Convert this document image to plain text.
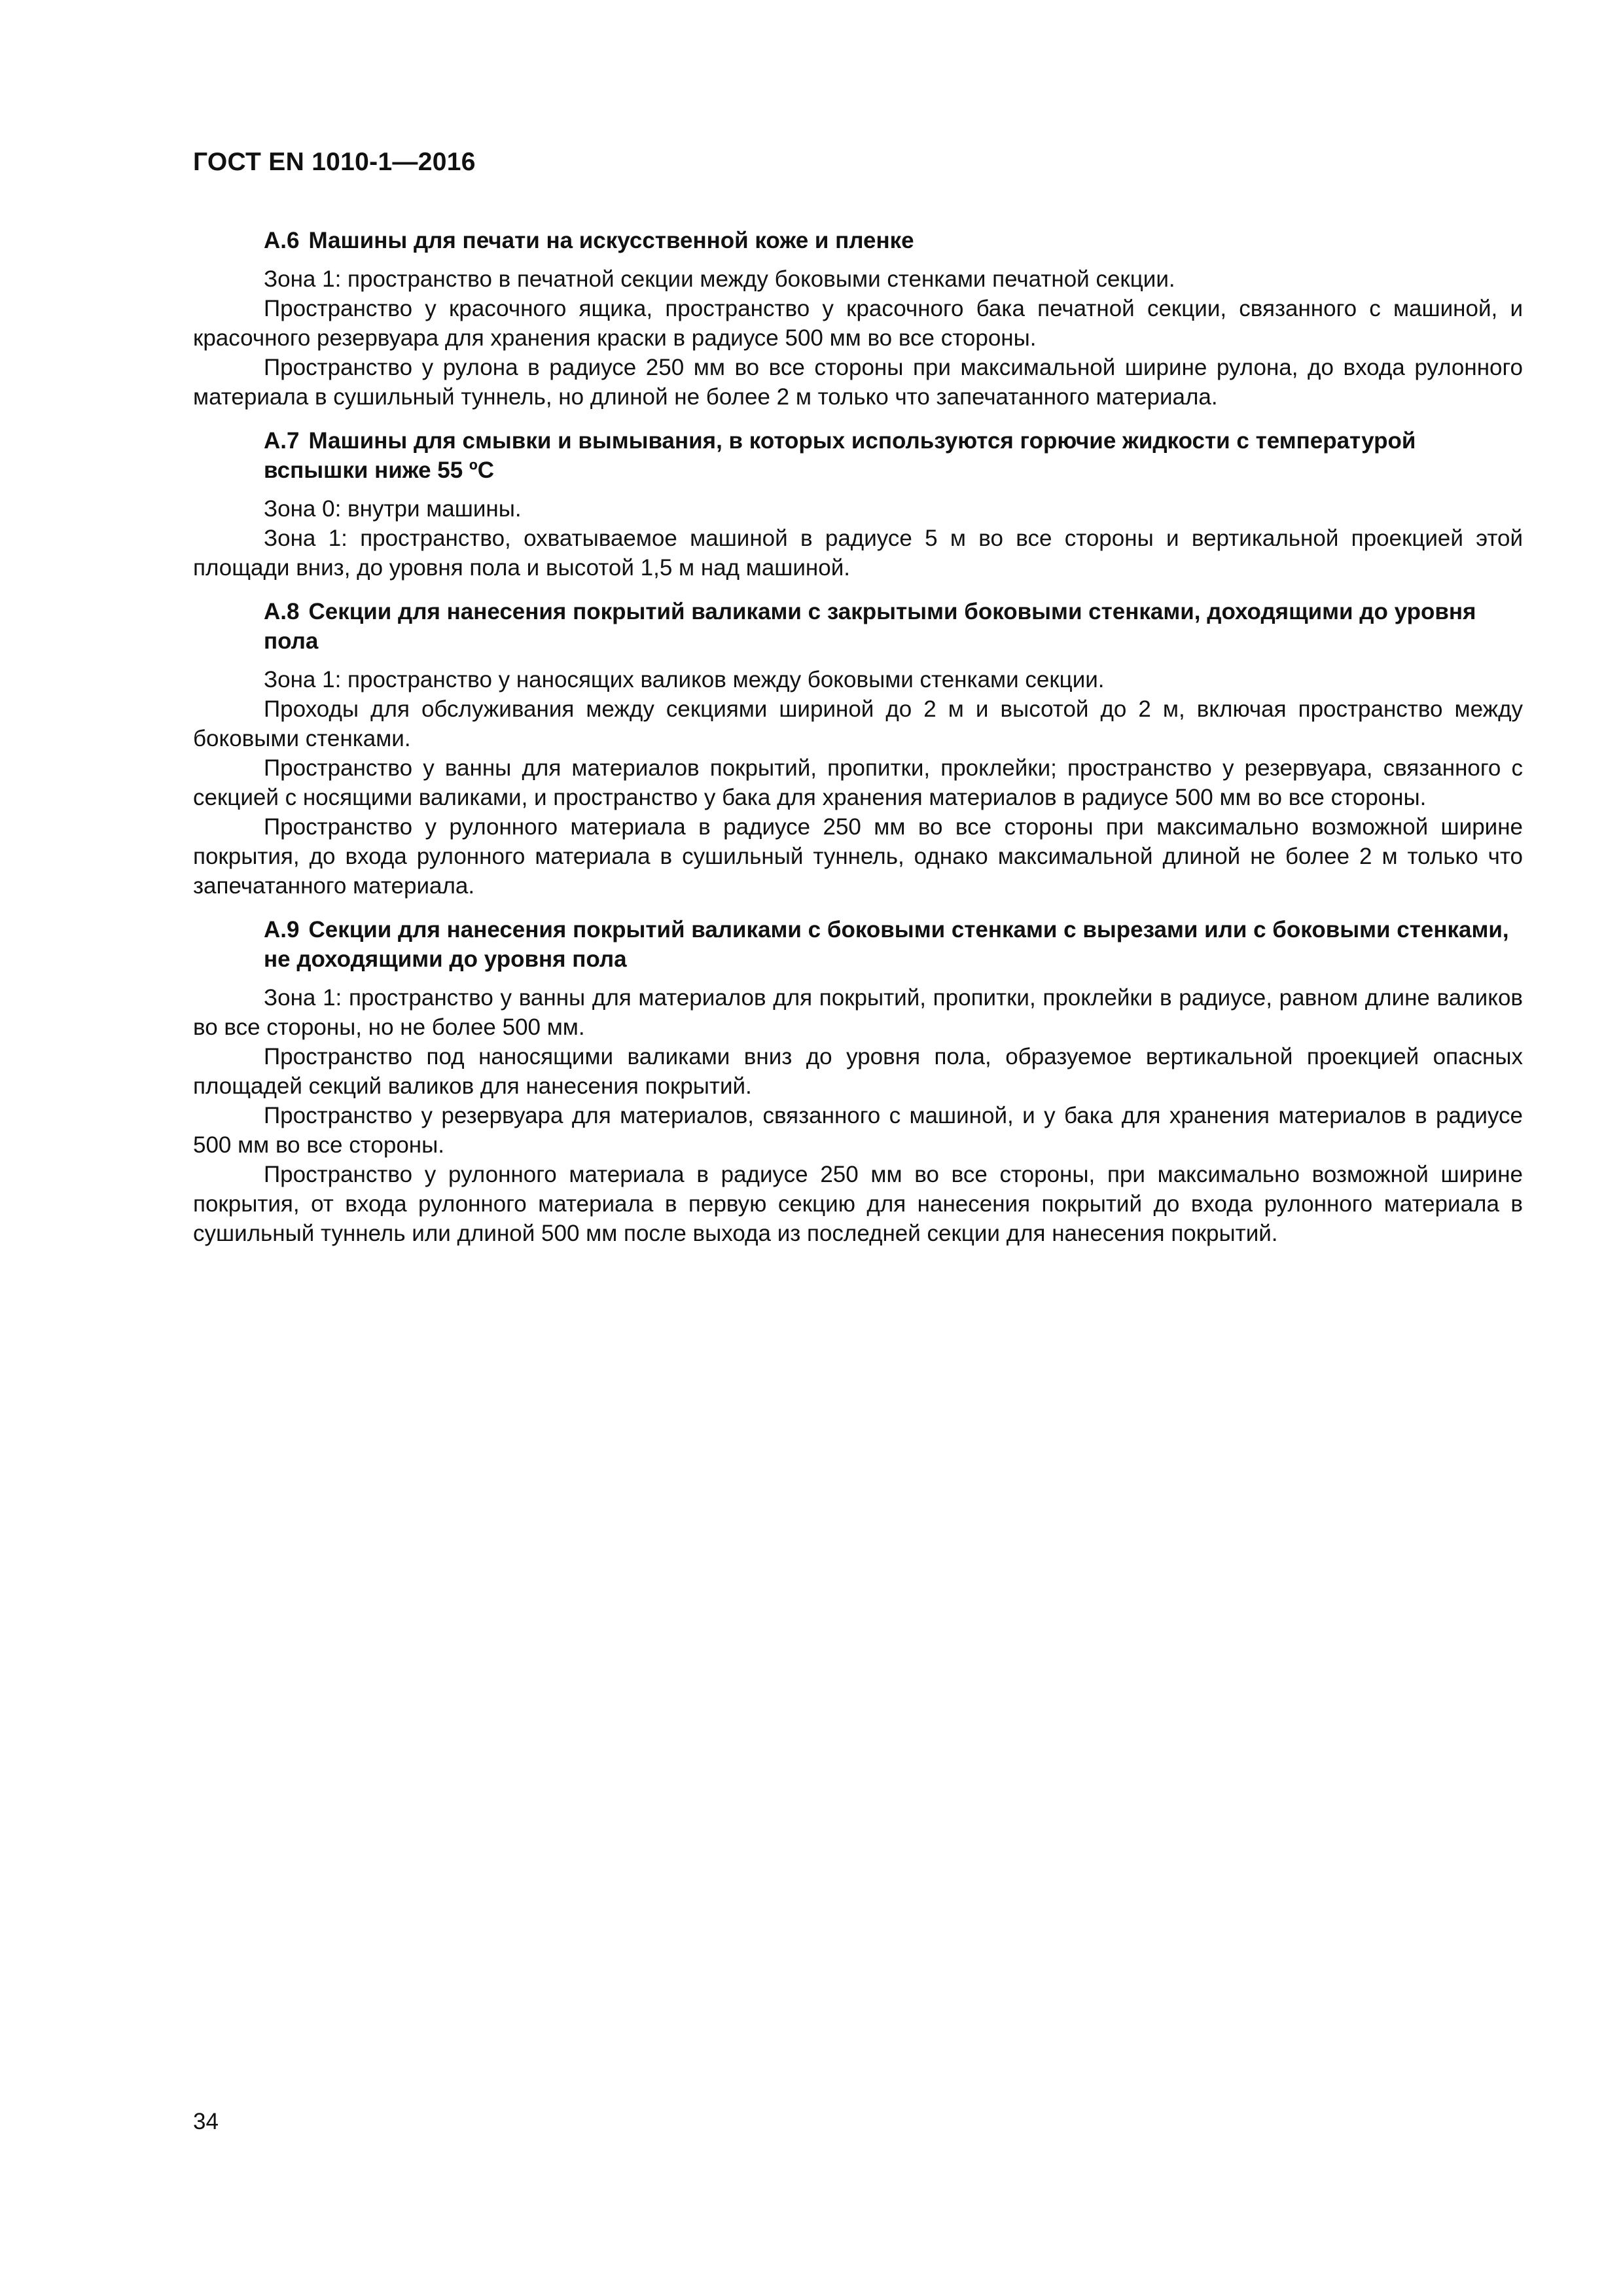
ГОСТ EN 1010-1—2016

А.6 Машины для печати на искусственной коже и пленке

Зона 1: пространство в печатной секции между боковыми стенками печатной секции.

Пространство у красочного ящика, пространство у красочного бака печатной секции, связанного с машиной, и красочного резервуара для хранения краски в радиусе 500 мм во все стороны.

Пространство у рулона в радиусе 250 мм во все стороны при максимальной ширине рулона, до входа рулонного материала в сушильный туннель, но длиной не более 2 м только что запечатанного материала.

А.7 Машины для смывки и вымывания, в которых используются горючие жидкости с температурой вспышки ниже 55 ºС

Зона 0: внутри машины.

Зона 1: пространство, охватываемое машиной в радиусе 5 м во все стороны и вертикальной проекцией этой площади вниз, до уровня пола и высотой 1,5 м над машиной.

А.8 Секции для нанесения покрытий валиками с закрытыми боковыми стенками, доходящими до уровня пола

Зона 1: пространство у наносящих валиков между боковыми стенками секции.

Проходы для обслуживания между секциями шириной до 2 м и высотой до 2 м, включая пространство между боковыми стенками.

Пространство у ванны для материалов покрытий, пропитки, проклейки; пространство у резервуара, связанного с секцией с носящими валиками, и пространство у бака для хранения материалов в радиусе 500 мм во все стороны.

Пространство у рулонного материала в радиусе 250 мм во все стороны при максимально возможной ширине покрытия, до входа рулонного материала в сушильный туннель, однако максимальной длиной не более 2 м только что запечатанного материала.

А.9 Секции для нанесения покрытий валиками с боковыми стенками с вырезами или с боковыми стенками, не доходящими до уровня пола

Зона 1: пространство у ванны для материалов для покрытий, пропитки, проклейки в радиусе, равном длине валиков во все стороны, но не более 500 мм.

Пространство под наносящими валиками вниз до уровня пола, образуемое вертикальной проекцией опасных площадей секций валиков для нанесения покрытий.

Пространство у резервуара для материалов, связанного с машиной, и у бака для хранения материалов в радиусе 500 мм во все стороны.

Пространство у рулонного материала в радиусе 250 мм во все стороны, при максимально возможной ширине покрытия, от входа рулонного материала в первую секцию для нанесения покрытий до входа рулонного материала в сушильный туннель или длиной 500 мм после выхода из последней секции для нанесения покрытий.

34
